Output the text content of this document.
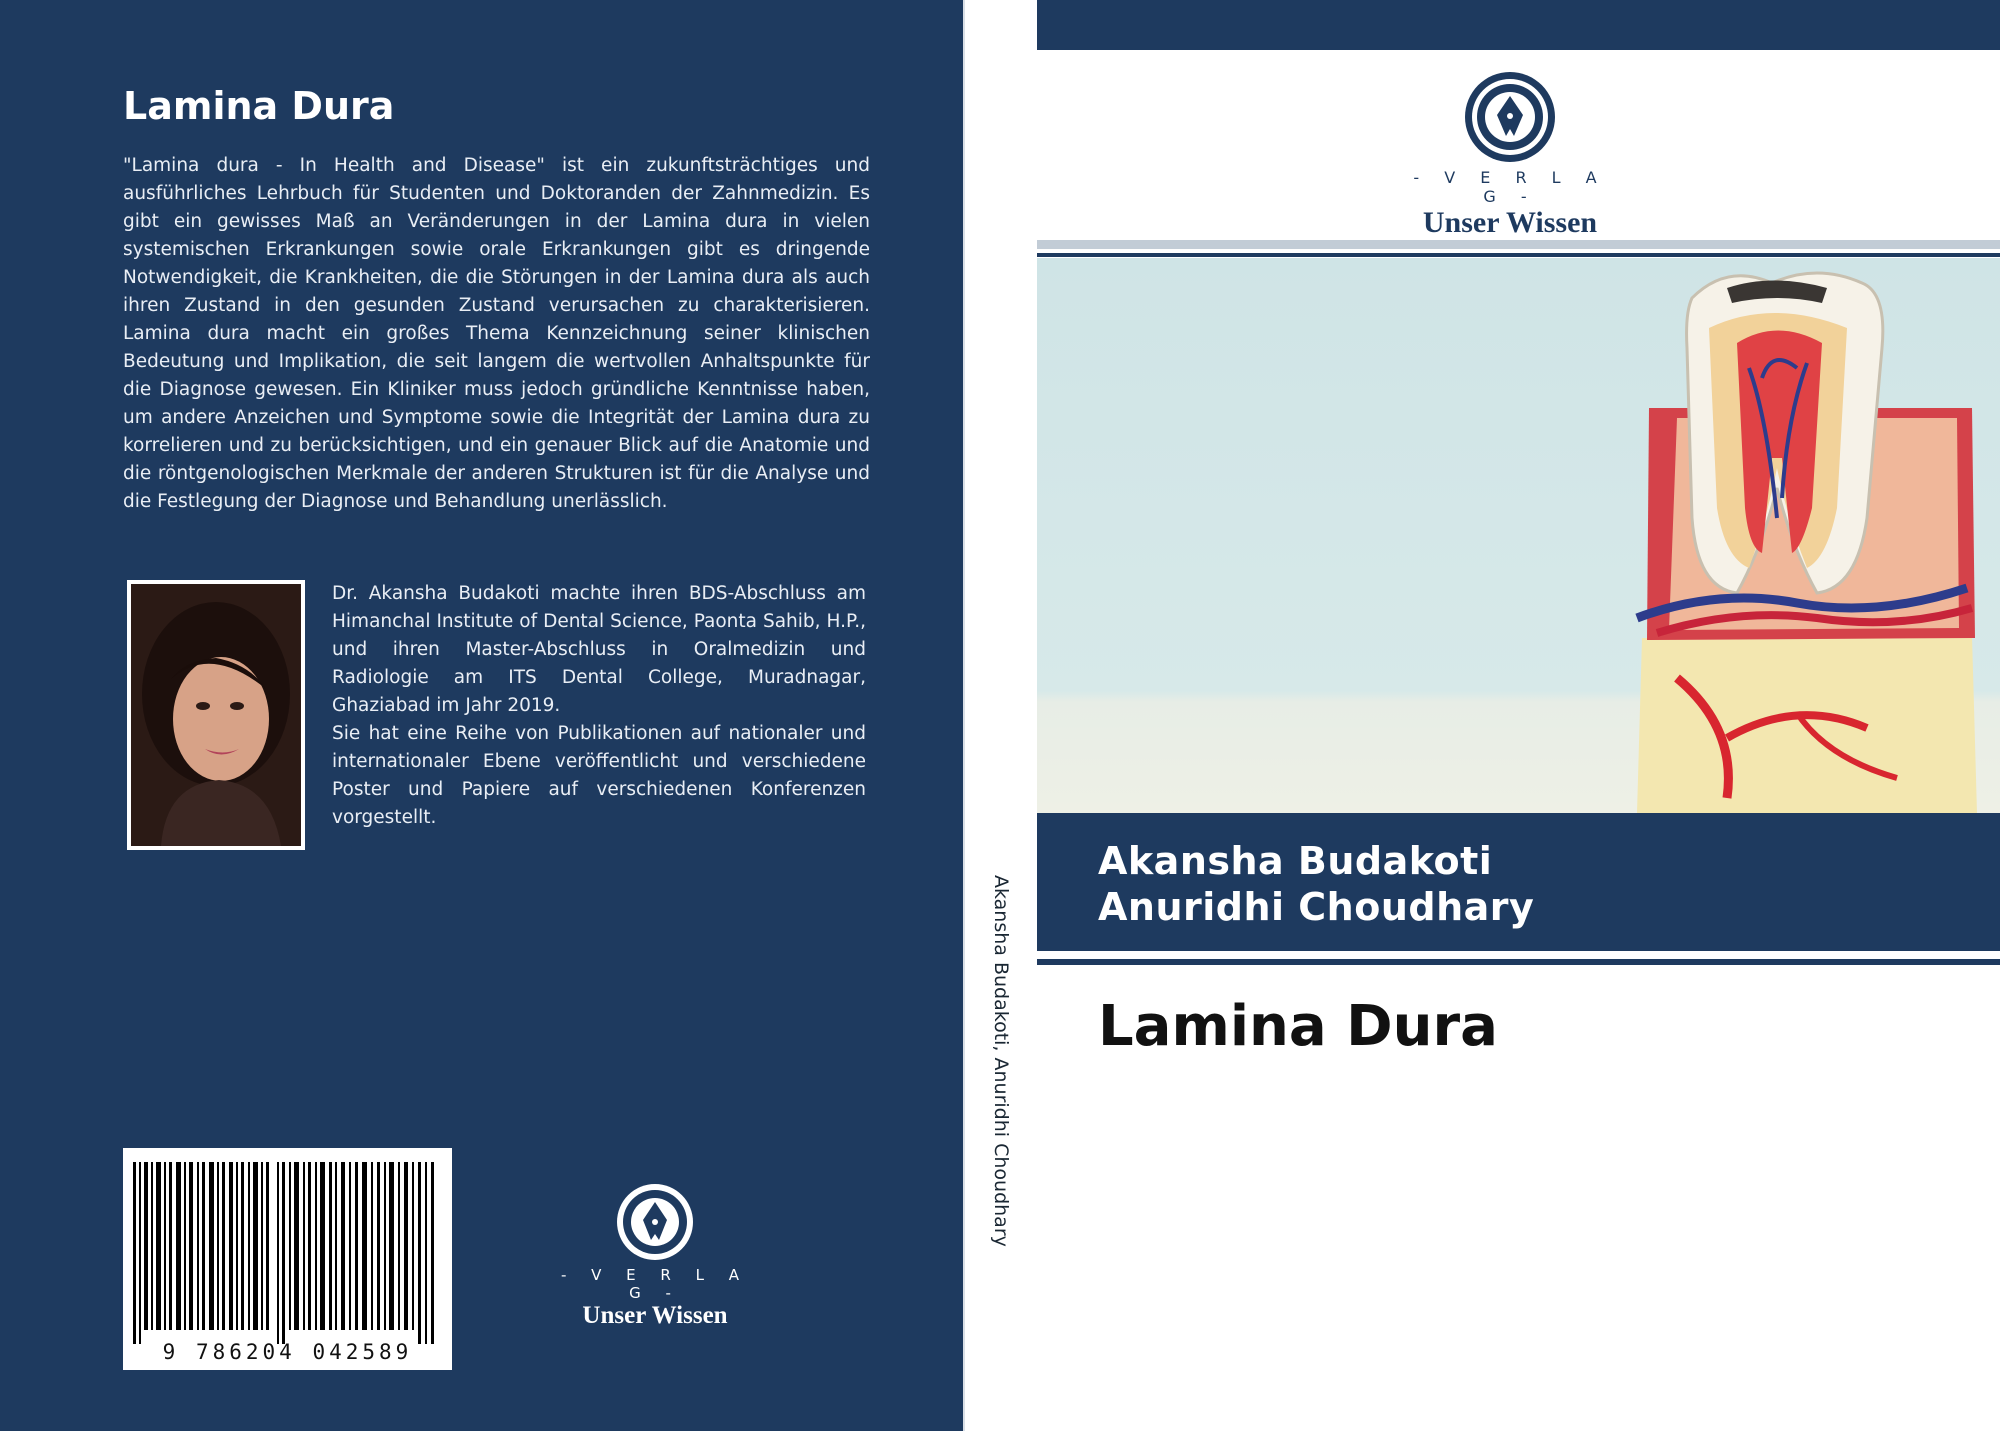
Lamina Dura

"Lamina dura - In Health and Disease" ist ein zukunftsträchtiges und ausführliches Lehrbuch für Studenten und Doktoranden der Zahnmedizin. Es gibt ein gewisses Maß an Veränderungen in der Lamina dura in vielen systemischen Erkrankungen sowie orale Erkrankungen gibt es dringende Notwendigkeit, die Krankheiten, die die Störungen in der Lamina dura als auch ihren Zustand in den gesunden Zustand verursachen zu charakterisieren. Lamina dura macht ein großes Thema Kennzeichnung seiner klinischen Bedeutung und Implikation, die seit langem die wertvollen Anhaltspunkte für die Diagnose gewesen. Ein Kliniker muss jedoch gründliche Kenntnisse haben, um andere Anzeichen und Symptome sowie die Integrität der Lamina dura zu korrelieren und zu berücksichtigen, und ein genauer Blick auf die Anatomie und die röntgenologischen Merkmale der anderen Strukturen ist für die Analyse und die Festlegung der Diagnose und Behandlung unerlässlich.

Dr. Akansha Budakoti machte ihren BDS-Abschluss am Himanchal Institute of Dental Science, Paonta Sahib, H.P., und ihren Master-Abschluss in Oralmedizin und Radiologie am ITS Dental College, Muradnagar, Ghaziabad im Jahr 2019.

Sie hat eine Reihe von Publikationen auf nationaler und internationaler Ebene veröffentlicht und verschiedene Poster und Papiere auf verschiedenen Konferenzen vorgestellt.

9 786204 042589
- V E R L A G -
Unser Wissen
Akansha Budakoti, Anuridhi Choudhary
- V E R L A G -
Unser Wissen
Akansha Budakoti
Anuridhi Choudhary
Lamina Dura
